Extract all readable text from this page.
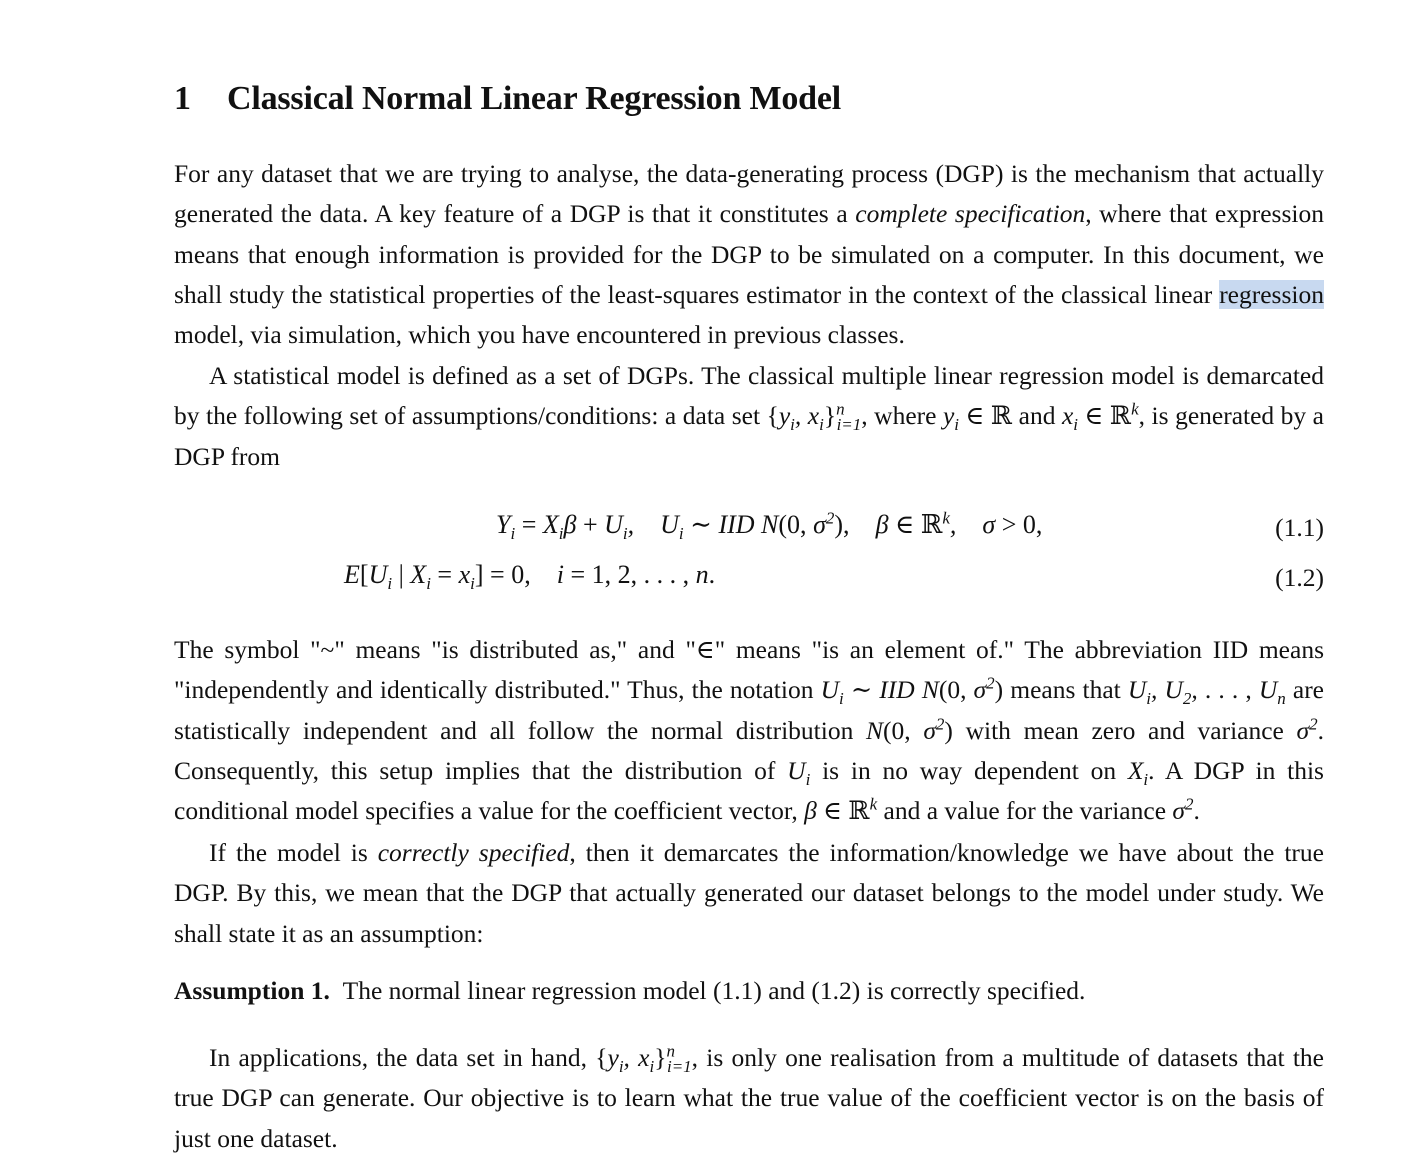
1 Classical Normal Linear Regression Model

For any dataset that we are trying to analyse, the data-generating process (DGP) is the mechanism that actually generated the data. A key feature of a DGP is that it constitutes a complete specification, where that expression means that enough information is provided for the DGP to be simulated on a computer. In this document, we shall study the statistical properties of the least-squares estimator in the context of the classical linear regression model, via simulation, which you have encountered in previous classes.

A statistical model is defined as a set of DGPs. The classical multiple linear regression model is demarcated by the following set of assumptions/conditions: a data set {$y_i$, $x_i\}^n_{i=1}$, where $y_i$ ∈ ℝ and $x_i$ ∈ ℝ$^k$, is generated by a DGP from

$Y_i = X_i\beta + U_i$,    $U_i$ ∼ IID N(0, $\sigma^2$),    β ∈ ℝ$^k$,    σ > 0,	(1.1)
$E[U_i$ | $X_i = x_i] = 0$,    i = 1, 2, . . . , n.	(1.2)

The symbol "~" means "is distributed as," and "∈" means "is an element of." The abbreviation IID means "independently and identically distributed." Thus, the notation $U_i$ ∼ IID N(0, $\sigma^2$) means that $U_i$, $U_2$, . . . , $U_n$ are statistically independent and all follow the normal distribution N(0, $\sigma^2$) with mean zero and variance $\sigma^2$. Consequently, this setup implies that the distribution of $U_i$ is in no way dependent on $X_i$. A DGP in this conditional model specifies a value for the coefficient vector, β ∈ ℝ$^k$ and a value for the variance $\sigma^2$.

If the model is correctly specified, then it demarcates the information/knowledge we have about the true DGP. By this, we mean that the DGP that actually generated our dataset belongs to the model under study. We shall state it as an assumption:

Assumption 1. The normal linear regression model (1.1) and (1.2) is correctly specified.

In applications, the data set in hand, {$y_i$, $x_i\}^n_{i=1}$, is only one realisation from a multitude of datasets that the true DGP can generate. Our objective is to learn what the true value of the coefficient vector is on the basis of just one dataset.
